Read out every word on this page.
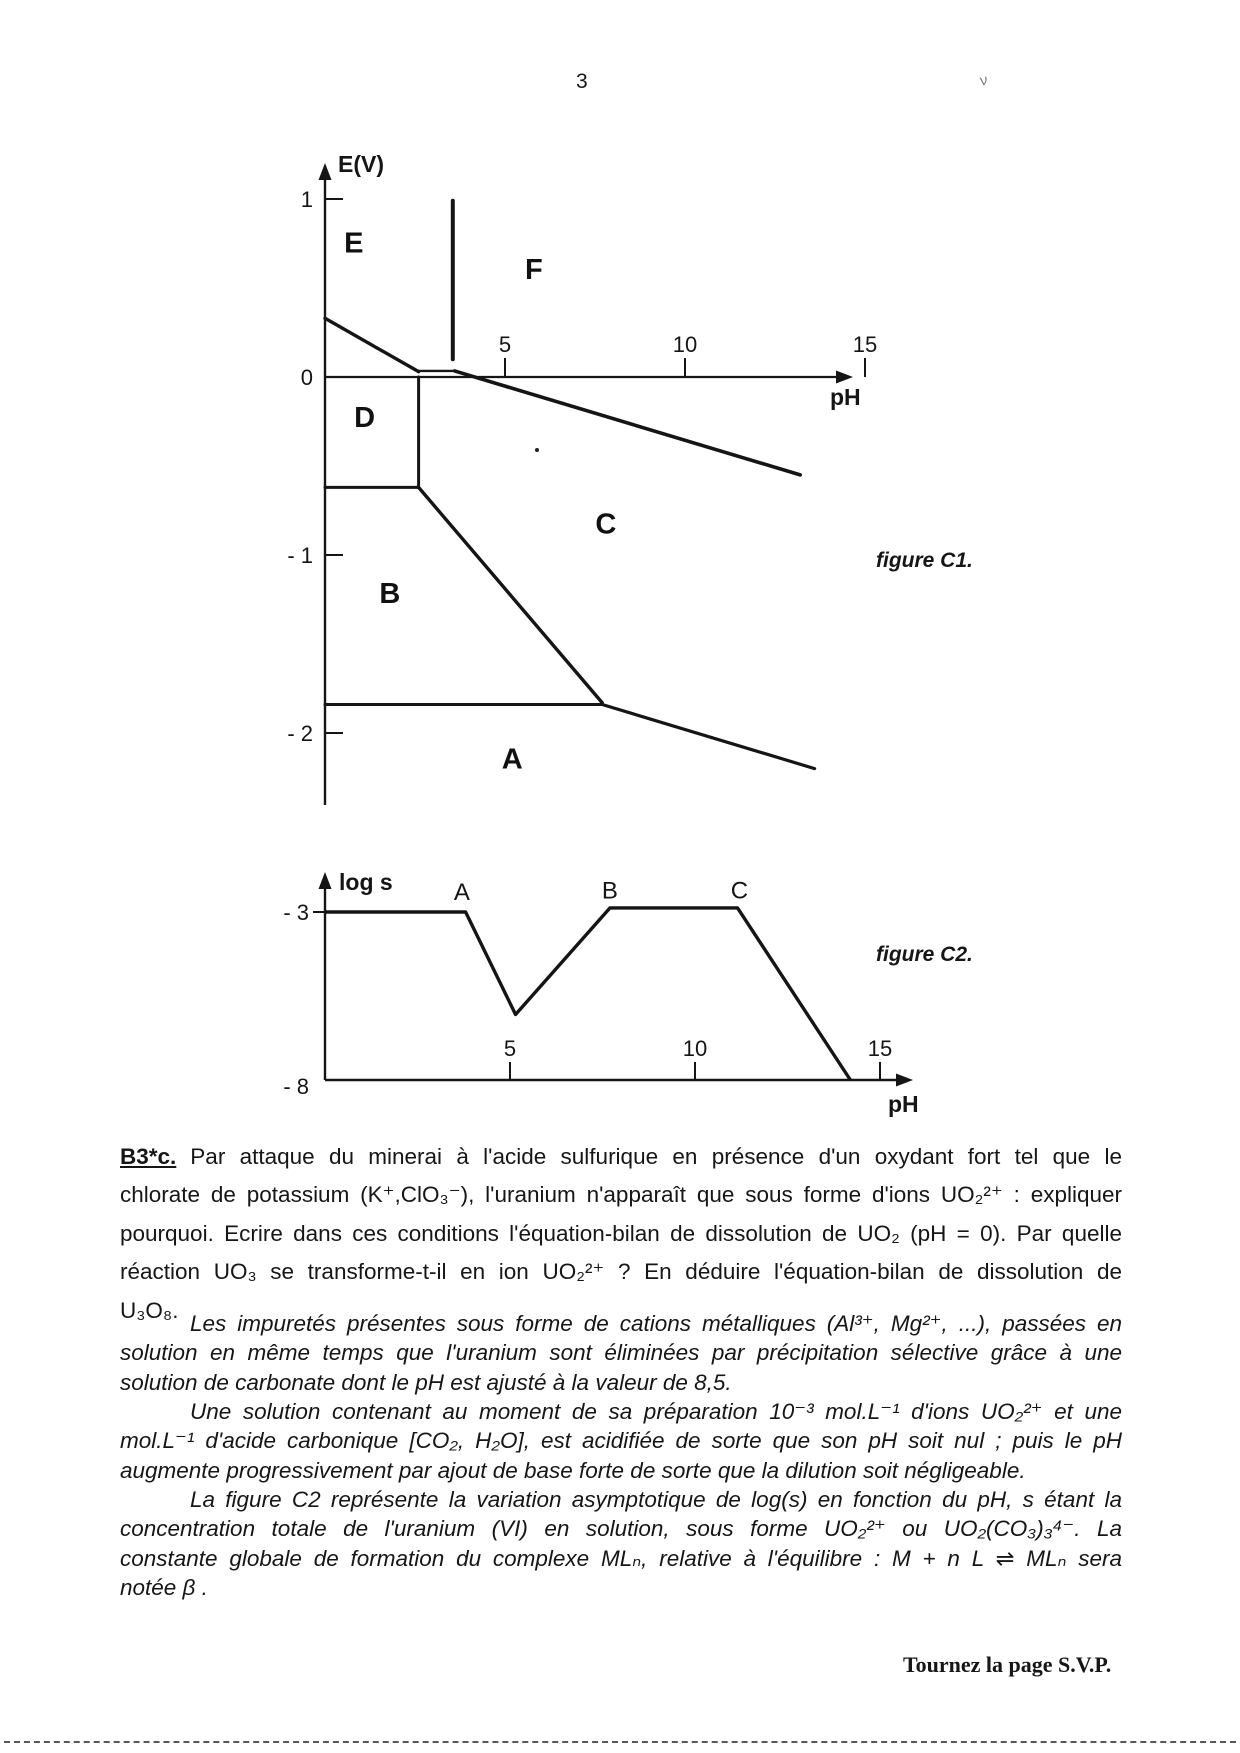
3	ν
5	10	15
1
0
- 1
- 2
E(V)
pH
E
F
D
C
B
A
5	10	15
- 3
- 8
log s
pH
A	B	C
figure C1.
figure C2.
B3*c. Par attaque du minerai à l'acide sulfurique en présence d'un oxydant fort tel que le
chlorate de potassium (K⁺,ClO₃⁻), l'uranium n'apparaît que sous forme d'ions UO₂²⁺ : expliquer
pourquoi. Ecrire dans ces conditions l'équation-bilan de dissolution de UO₂ (pH = 0). Par quelle
réaction UO₃ se transforme-t-il en ion UO₂²⁺ ? En déduire l'équation-bilan de dissolution de
U₃O₈.
Les impuretés présentes sous forme de cations métalliques (Al³⁺, Mg²⁺, ...), passées en
solution en même temps que l'uranium sont éliminées par précipitation sélective grâce à une
solution de carbonate dont le pH est ajusté à la valeur de 8,5.
Une solution contenant au moment de sa préparation 10⁻³ mol.L⁻¹ d'ions UO₂²⁺ et une
mol.L⁻¹ d'acide carbonique [CO₂, H₂O], est acidifiée de sorte que son pH soit nul ; puis le pH
augmente progressivement par ajout de base forte de sorte que la dilution soit négligeable.
La figure C2 représente la variation asymptotique de log(s) en fonction du pH, s étant la
concentration totale de l'uranium (VI) en solution, sous forme UO₂²⁺ ou UO₂(CO₃)₃⁴⁻. La
constante globale de formation du complexe MLₙ, relative à l'équilibre : M + n L ⇌ MLₙ sera
notée β .
Tournez la page S.V.P.
